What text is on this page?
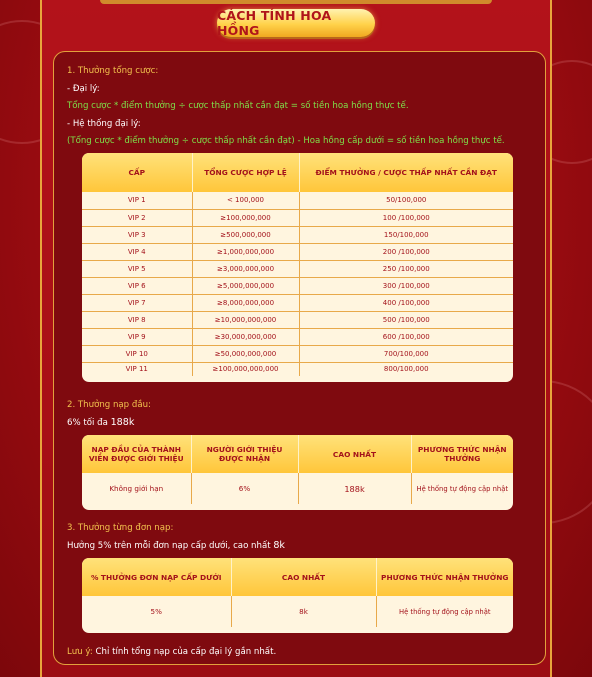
CÁCH TÍNH HOA HỒNG
1. Thưởng tổng cược:
- Đại lý:
Tổng cược * điểm thưởng ÷ cược thấp nhất cần đạt = số tiền hoa hồng thực tế.
- Hệ thống đại lý:
(Tổng cược * điểm thưởng ÷ cược thấp nhất cần đạt) - Hoa hồng cấp dưới = số tiền hoa hồng thực tế.
CẤP	TỔNG CƯỢC HỢP LỆ	ĐIỂM THƯỞNG / CƯỢC THẤP NHẤT CẦN ĐẠT
VIP 1	< 100,000	50/100,000
VIP 2	≥100,000,000	100 /100,000
VIP 3	≥500,000,000	150/100,000
VIP 4	≥1,000,000,000	200 /100,000
VIP 5	≥3,000,000,000	250 /100,000
VIP 6	≥5,000,000,000	300 /100,000
VIP 7	≥8,000,000,000	400 /100,000
VIP 8	≥10,000,000,000	500 /100,000
VIP 9	≥30,000,000,000	600 /100,000
VIP 10	≥50,000,000,000	700/100,000
VIP 11	≥100,000,000,000	800/100,000
2. Thưởng nạp đầu:
6% tối đa 188k
NẠP ĐẦU CỦA THÀNH VIÊN ĐƯỢC GIỚI THIỆU	NGƯỜI GIỚI THIỆU ĐƯỢC NHẬN	CAO NHẤT	PHƯƠNG THỨC NHẬN THƯỞNG
Không giới hạn	6%	188k	Hệ thống tự động cập nhật
3. Thưởng từng đơn nạp:
Hưởng 5% trên mỗi đơn nạp cấp dưới, cao nhất 8k
% THƯỞNG ĐƠN NẠP CẤP DƯỚI	CAO NHẤT	PHƯƠNG THỨC NHẬN THƯỞNG
5%	8k	Hệ thống tự động cập nhật
Lưu ý: Chỉ tính tổng nạp của cấp đại lý gần nhất.
